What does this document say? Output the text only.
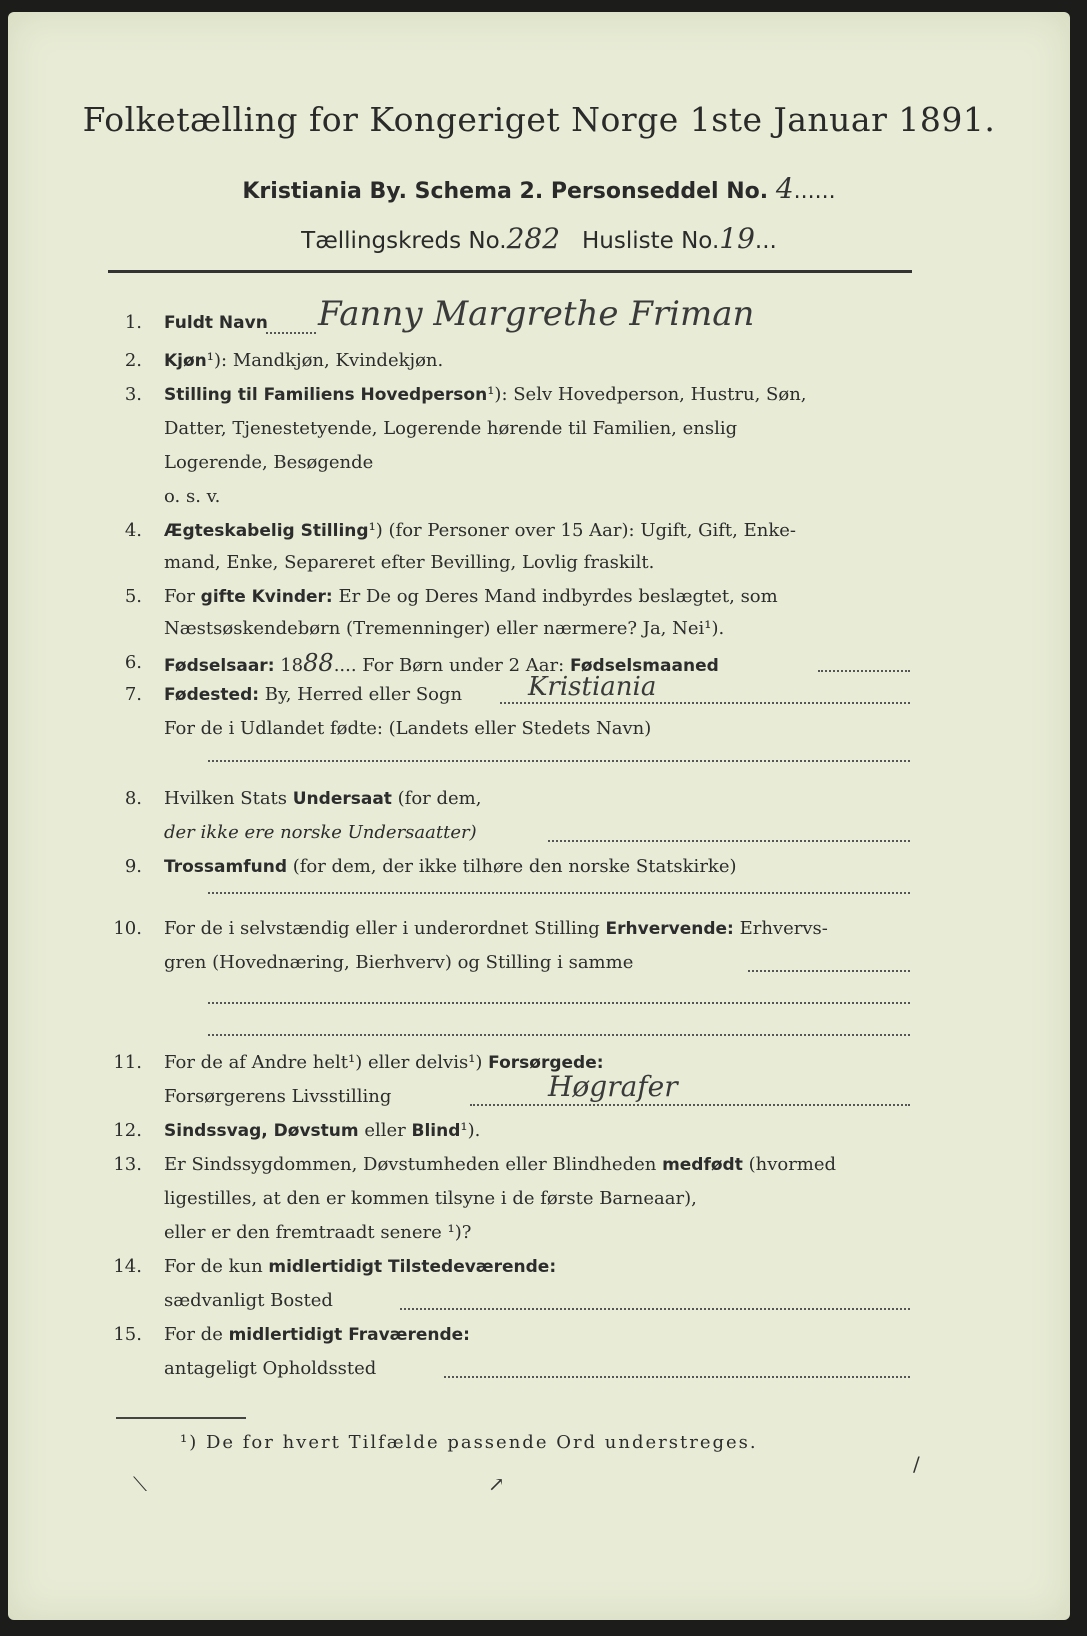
Folketælling for Kongeriget Norge 1ste Januar 1891.
Kristiania By. Schema 2. Personseddel No. 4......
Tællingskreds No.282 Husliste No.19...
1. Fuldt Navn Fanny Margrethe Friman
2. Kjøn¹): Mandkjøn, Kvindekjøn.
3. Stilling til Familiens Hovedperson¹): Selv Hovedperson, Hustru, Søn,
Datter, Tjenestetyende, Logerende hørende til Familien, enslig
Logerende, Besøgende
o. s. v.
4. Ægteskabelig Stilling¹) (for Personer over 15 Aar): Ugift, Gift, Enke-
mand, Enke, Separeret efter Bevilling, Lovlig fraskilt.
5. For gifte Kvinder: Er De og Deres Mand indbyrdes beslægtet, som
Næstsøskendebørn (Tremenninger) eller nærmere? Ja, Nei¹).
6. Fødselsaar: 1888.... For Børn under 2 Aar: Fødselsmaaned
7. Fødested: By, Herred eller Sogn	Kristiania
For de i Udlandet fødte: (Landets eller Stedets Navn)
8. Hvilken Stats Undersaat (for dem,
der ikke ere norske Undersaatter)
9. Trossamfund (for dem, der ikke tilhøre den norske Statskirke)
10. For de i selvstændig eller i underordnet Stilling Erhvervende: Erhvervs-
gren (Hovednæring, Bierhverv) og Stilling i samme
11. For de af Andre helt¹) eller delvis¹) Forsørgede:
Forsørgerens Livsstilling	Høgrafer
12. Sindssvag, Døvstum eller Blind¹).
13. Er Sindssygdommen, Døvstumheden eller Blindheden medfødt (hvormed
ligestilles, at den er kommen tilsyne i de første Barneaar),
eller er den fremtraadt senere ¹)?
14. For de kun midlertidigt Tilstedeværende:
sædvanligt Bosted
15. For de midlertidigt Fraværende:
antageligt Opholdssted
¹) De for hvert Tilfælde passende Ord understreges.
⟍	↗
/
